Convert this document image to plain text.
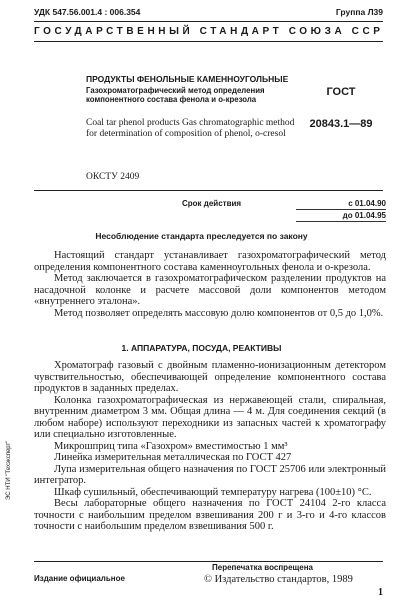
УДК 547.56.001.4 : 006.354	Группа Л39
ГОСУДАРСТВЕННЫЙ СТАНДАРТ СОЮЗА ССР
ПРОДУКТЫ ФЕНОЛЬНЫЕ КАМЕННОУГОЛЬНЫЕ
Газохроматографический метод определения компонентного состава фенола и о-крезола
ГОСТ
20843.1—89
Coal tar phenol products Gas chromatographic method for determination of composition of phenol, o-cresol
ОКСТУ 2409
Срок действия	с 01.04.90
до 01.04.95
Несоблюдение стандарта преследуется по закону

Настоящий стандарт устанавливает газохроматографический метод определения компонентного состава каменноугольных фенола и о-крезола.

Метод заключается в газохроматографическом разделении продуктов на насадочной колонке и расчете массовой доли компонентов методом «внутреннего эталона».

Метод позволяет определять массовую долю компонентов от 0,5 до 1,0%.

1. АППАРАТУРА, ПОСУДА, РЕАКТИВЫ

Хроматограф газовый с двойным пламенно-ионизационным детектором чувствительностью, обеспечивающей определение компонентного состава продуктов в заданных пределах.

Колонка газохроматографическая из нержавеющей стали, спиральная, внутренним диаметром 3 мм. Общая длина — 4 м. Для соединения секций (в любом наборе) используют переходники из запасных частей к хроматографу или специально изготовленные.

Микрошприц типа «Газохром» вместимостью 1 мм³

Линейка измерительная металлическая по ГОСТ 427

Лупа измерительная общего назначения по ГОСТ 25706 или электронный интегратор.

Шкаф сушильный, обеспечивающий температуру нагрева (100±10) °С.

Весы лабораторные общего назначения по ГОСТ 24104 2-го класса точности с наибольшим пределом взвешивания 200 г и 3-го и 4-го классов точности с наибольшим пределом взвешивания 500 г.

ЭС НТИ "Техэксперт"
Издание официальное
Перепечатка воспрещена
© Издательство стандартов, 1989
1
